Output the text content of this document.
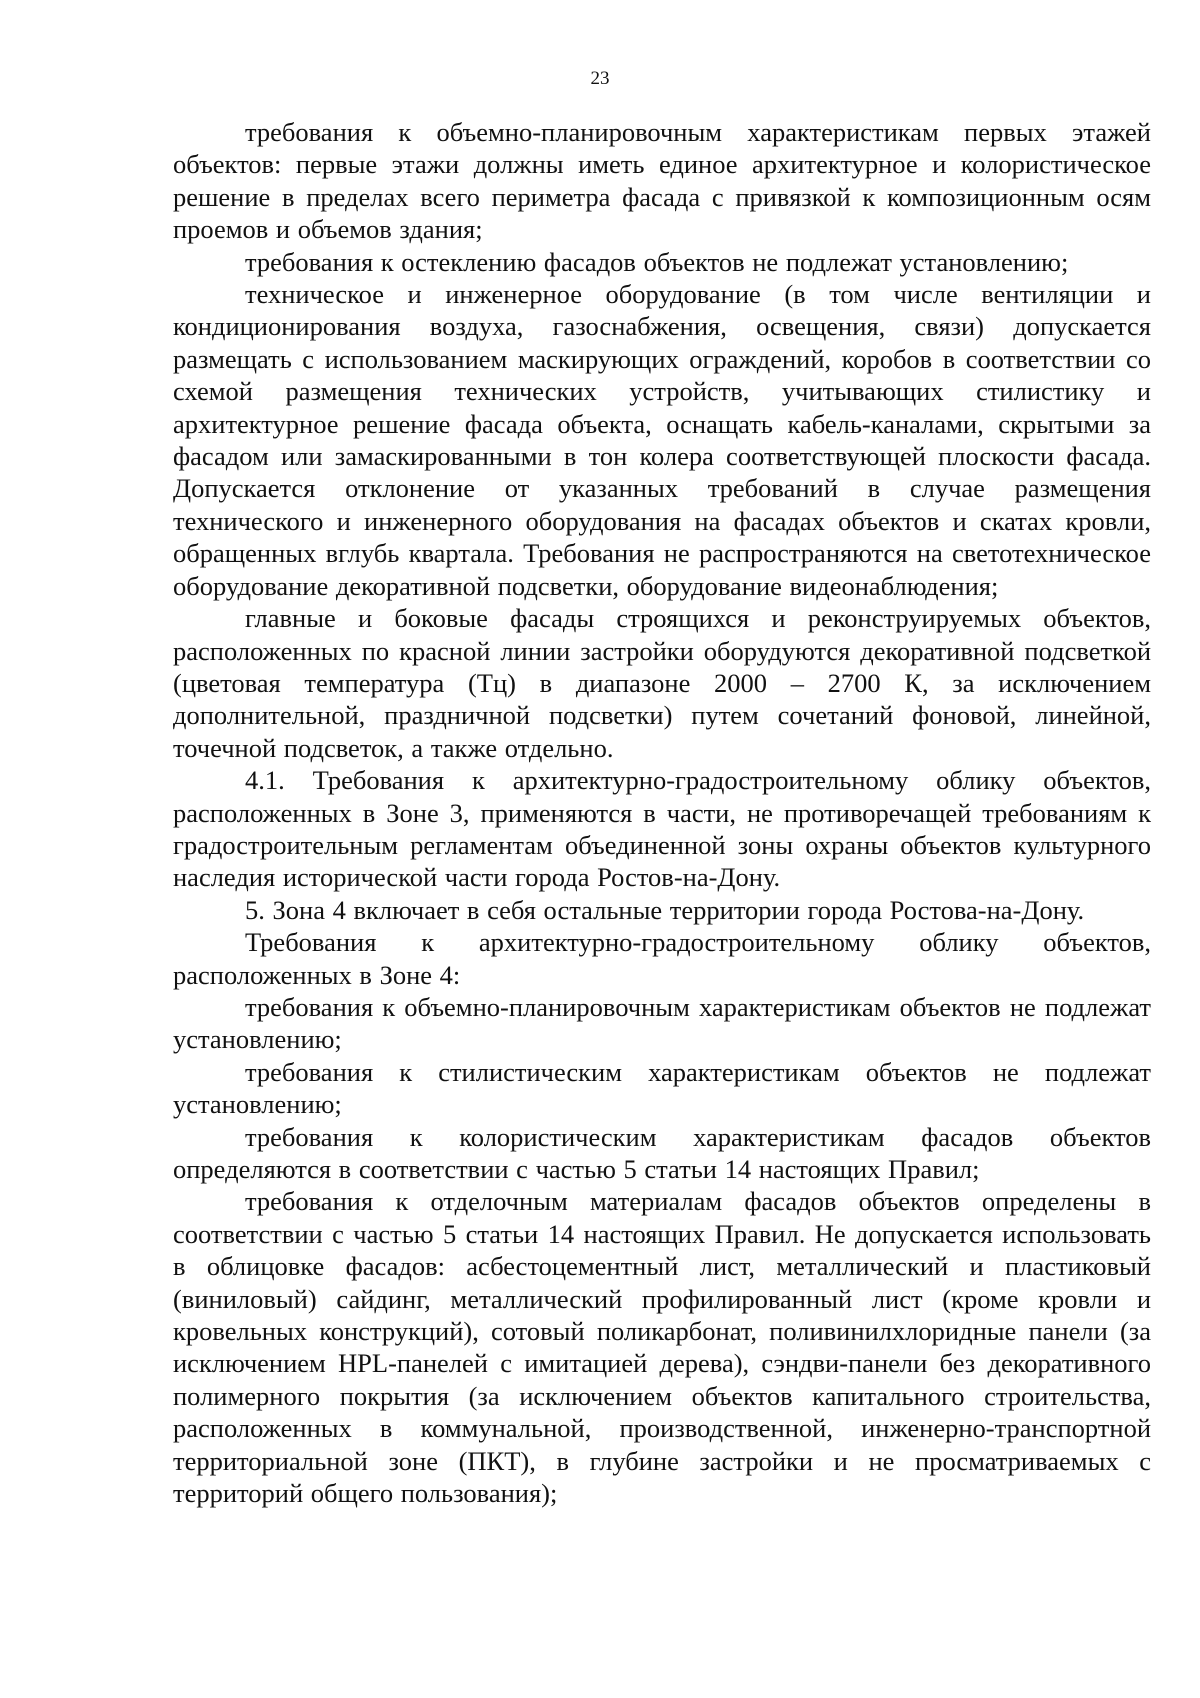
23

требования к объемно-планировочным характеристикам первых этажей объектов: первые этажи должны иметь единое архитектурное и колористическое решение в пределах всего периметра фасада с привязкой к композиционным осям проемов и объемов здания;

требования к остеклению фасадов объектов не подлежат установлению;

техническое и инженерное оборудование (в том числе вентиляции и кондиционирования воздуха, газоснабжения, освещения, связи) допускается размещать с использованием маскирующих ограждений, коробов в соответствии со схемой размещения технических устройств, учитывающих стилистику и архитектурное решение фасада объекта, оснащать кабель-каналами, скрытыми за фасадом или замаскированными в тон колера соответствующей плоскости фасада. Допускается отклонение от указанных требований в случае размещения технического и инженерного оборудования на фасадах объектов и скатах кровли, обращенных вглубь квартала. Требования не распространяются на светотехническое оборудование декоративной подсветки, оборудование видеонаблюдения;

главные и боковые фасады строящихся и реконструируемых объектов, расположенных по красной линии застройки оборудуются декоративной подсветкой (цветовая температура (Тц) в диапазоне 2000 – 2700 К, за исключением дополнительной, праздничной подсветки) путем сочетаний фоновой, линейной, точечной подсветок, а также отдельно.

4.1. Требования к архитектурно-градостроительному облику объектов, расположенных в Зоне 3, применяются в части, не противоречащей требованиям к градостроительным регламентам объединенной зоны охраны объектов культурного наследия исторической части города Ростов-на-Дону.

5. Зона 4 включает в себя остальные территории города Ростова-на-Дону.

Требования к архитектурно-градостроительному облику объектов, расположенных в Зоне 4:

требования к объемно-планировочным характеристикам объектов не подлежат установлению;

требования к стилистическим характеристикам объектов не подлежат установлению;

требования к колористическим характеристикам фасадов объектов определяются в соответствии с частью 5 статьи 14 настоящих Правил;

требования к отделочным материалам фасадов объектов определены в соответствии с частью 5 статьи 14 настоящих Правил. Не допускается использовать в облицовке фасадов: асбестоцементный лист, металлический и пластиковый (виниловый) сайдинг, металлический профилированный лист (кроме кровли и кровельных конструкций), сотовый поликарбонат, поливинилхлоридные панели (за исключением HPL-панелей с имитацией дерева), сэндви-панели без декоративного полимерного покрытия (за исключением объектов капитального строительства, расположенных в коммунальной, производственной, инженерно-транспортной территориальной зоне (ПКТ), в глубине застройки и не просматриваемых с территорий общего пользования);
